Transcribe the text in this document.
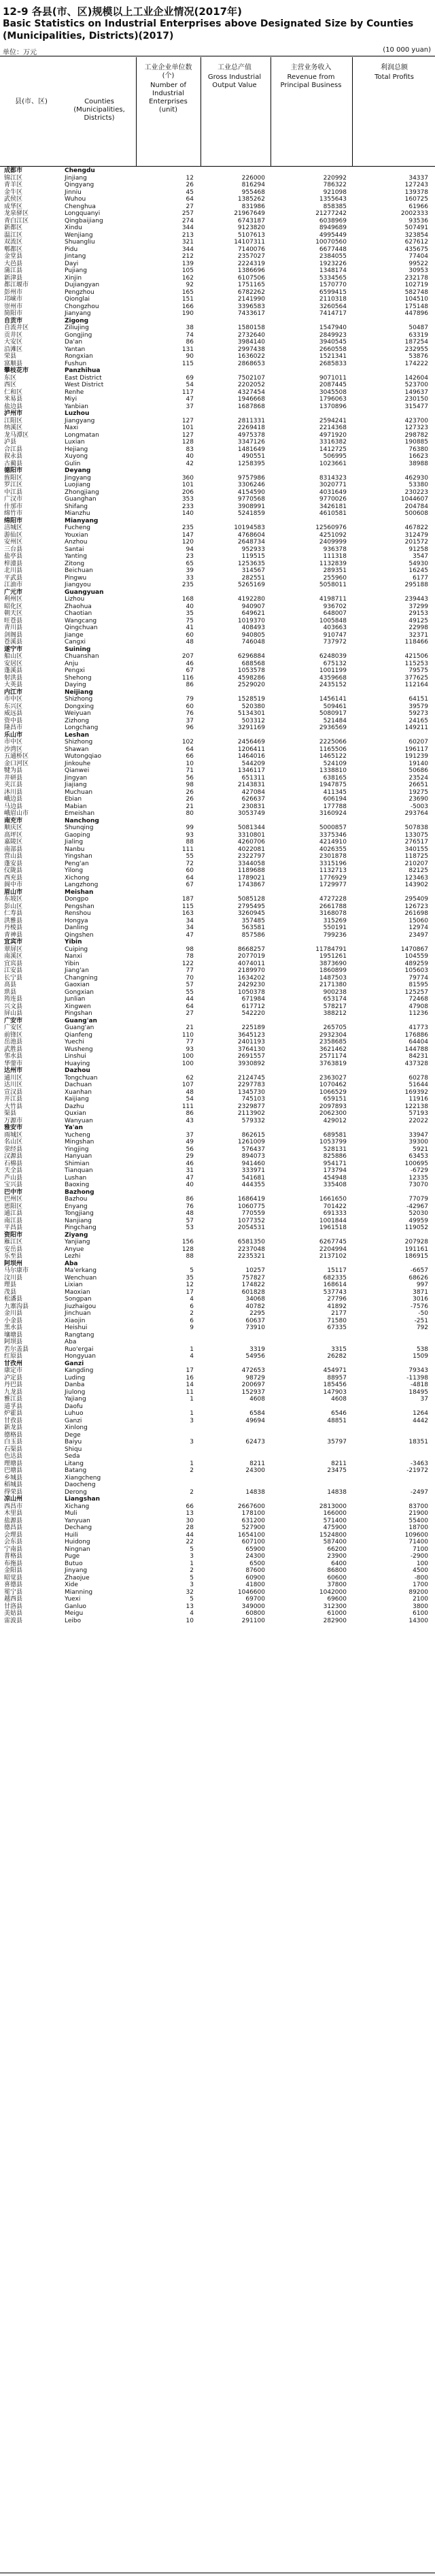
12-9 各县(市、区)规模以上工业企业情况(2017年)
Basic Statistics on Industrial Enterprises above Designated Size by Counties (Municipalities, Districts)(2017)
单位：万元	(10 000 yuan)
县(市、区)	Counties (Municipalities, Districts)
工业企业单位数(个)
Number of Industrial Enterprises (unit)
工业总产值
Gross Industrial Output Value
主营业务收入
Revenue from Principal Business
利润总额
Total Profits
成都市	Chengdu
锦江区	Jinjiang	12	226000	220992	34337
青羊区	Qingyang	26	816294	786322	127243
金牛区	Jinniu	45	955468	921098	139378
武侯区	Wuhou	64	1385262	1355643	160725
成华区	Chenghua	27	831986	858385	61966
龙泉驿区	Longquanyi	257	21967649	21277242	2002333
青白江区	Qingbaijiang	274	6743187	6038969	93536
新都区	Xindu	344	9123820	8949689	507491
温江区	Wenjiang	213	5107613	4995449	323854
双流区	Shuangliu	321	14107311	10070560	627612
郫都区	Pidu	344	7140076	6677448	435675
金堂县	Jintang	212	2357027	2384055	77404
大邑县	Dayi	139	2224319	1923226	99522
蒲江县	Pujiang	105	1386696	1348174	30953
新津县	Xinjin	162	6107506	5334565	232178
都江堰市	Dujiangyan	92	1751165	1570770	102719
彭州市	Pengzhou	165	6782262	6599415	582748
邛崃市	Qionglai	151	2141990	2110318	104510
崇州市	Chongzhou	166	3396583	3260564	175148
简阳市	Jianyang	190	7433617	7414717	447896
自贡市	Zigong
自流井区	Ziliujing	38	1580158	1547940	50487
贡井区	Gongjing	74	2732640	2849923	63319
大安区	Da'an	86	3984140	3940545	187254
沿滩区	Yantan	131	2997438	2660558	232955
荣县	Rongxian	90	1636022	1521341	53876
富顺县	Fushun	115	2868653	2685833	174222
攀枝花市	Panzhihua
东区	East District	69	7502107	9071011	142604
西区	West District	54	2202052	2087445	523700
仁和区	Renhe	117	4327454	3045508	149637
米易县	Miyi	47	1946668	1796063	230150
盐边县	Yanbian	37	1687868	1370896	315477
泸州市	Luzhou
江阳区	Jiangyang	127	2811331	2594241	423700
纳溪区	Naxi	101	2269418	2214368	127323
龙马潭区	Longmatan	127	4975378	4971920	298782
泸县	Luxian	128	3347126	3316382	190885
合江县	Hejiang	83	1481649	1412725	76380
叙永县	Xuyong	40	490551	506995	16623
古蔺县	Gulin	42	1258395	1023661	38988
德阳市	Deyang
旌阳区	Jingyang	360	9757986	8314323	462930
罗江区	Luojiang	101	3306246	3020771	53380
中江县	Zhongjiang	206	4154590	4031649	230223
广汉市	Guanghan	353	9770568	9770026	1044607
什邡市	Shifang	233	3908991	3426181	204784
绵竹市	Mianzhu	140	5241859	4610581	500608
绵阳市	Mianyang
涪城区	Fucheng	235	10194583	12560976	467822
游仙区	Youxian	147	4768604	4251092	312479
安州区	Anzhou	120	2648734	2409999	201572
三台县	Santai	94	952933	936378	91258
盐亭县	Yanting	23	119515	111318	3547
梓潼县	Zitong	65	1253635	1132839	54930
北川县	Beichuan	39	314567	289351	16245
平武县	Pingwu	33	282551	255960	6177
江油市	Jiangyou	235	5265169	5058011	295188
广元市	Guangyuan
利州区	Lizhou	168	4192280	4198711	239443
昭化区	Zhaohua	40	940907	936702	37299
朝天区	Chaotian	35	649621	648007	29153
旺苍县	Wangcang	75	1019370	1005848	49125
青川县	Qingchuan	41	408493	403663	22998
剑阁县	Jiange	60	940805	910747	32371
苍溪县	Cangxi	48	746048	737972	118466
遂宁市	Suining
船山区	Chuanshan	207	6296884	6248039	421506
安居区	Anju	46	688568	675132	115253
蓬溪县	Pengxi	67	1053578	1001199	79575
射洪县	Shehong	116	4598286	4359668	377625
大英县	Daying	86	2529020	2435152	112164
内江市	Neijiang
市中区	Shizhong	79	1528519	1456141	64151
东兴区	Dongxing	60	520380	509461	39579
威远县	Weiyuan	76	5134301	5080917	59273
资中县	Zizhong	37	503312	521484	24165
隆昌市	Longchang	96	3291169	2936569	149211
乐山市	Leshan
市中区	Shizhong	102	2456469	2225066	60207
沙湾区	Shawan	64	1206411	1165506	196117
五通桥区	Wutongqiao	66	1464016	1465122	191239
金口河区	Jinkouhe	10	544209	524109	19140
犍为县	Qianwei	71	1346117	1338810	50686
井研县	Jingyan	56	651311	638165	23524
夹江县	Jiajiang	98	2143831	1947875	26651
沐川县	Muchuan	26	427084	411345	19275
峨边县	Ebian	26	626637	606194	23690
马边县	Mabian	21	230831	177788	-5003
峨眉山市	Emeishan	80	3053749	3160924	293764
南充市	Nanchong
顺庆区	Shunqing	99	5081344	5000857	507838
高坪区	Gaoping	93	3310801	3375346	133075
嘉陵区	Jialing	88	4260706	4214910	276517
南部县	Nanbu	111	4022081	4026355	340155
营山县	Yingshan	55	2322797	2301878	118725
蓬安县	Peng'an	72	3344058	3315196	210207
仪陇县	Yilong	60	1189688	1132713	82125
西充县	Xichong	64	1789021	1776929	123463
阆中市	Langzhong	67	1743867	1729977	143902
眉山市	Meishan
东坡区	Dongpo	187	5085128	4727228	295409
彭山区	Pengshan	115	2795495	2661788	126723
仁寿县	Renshou	163	3260945	3168078	261698
洪雅县	Hongya	34	357485	315269	15060
丹棱县	Danling	34	563581	550191	12974
青神县	Qingshen	47	857586	799236	23497
宜宾市	Yibin
翠屏区	Cuiping	98	8668257	11784791	1470867
南溪区	Nanxi	78	2077019	1951261	104559
宜宾县	Yibin	122	4074011	3873690	489259
江安县	Jiang'an	77	2189970	1860899	105603
长宁县	Changning	70	1634202	1487503	79774
高县	Gaoxian	57	2429230	2171380	81595
珙县	Gongxian	55	1050378	900238	125257
筠连县	Junlian	44	671984	653174	72468
兴文县	Xingwen	64	617712	578217	47908
屏山县	Pingshan	27	542220	388212	11236
广安市	Guang'an
广安区	Guang'an	21	225189	265705	41773
前锋区	Qianfeng	110	3645123	2932304	176886
岳池县	Yuechi	77	2401193	2358685	64404
武胜县	Wusheng	93	3764130	3621462	144788
邻水县	Linshui	100	2691557	2571174	84231
华蓥市	Huaying	100	3930892	3763819	437328
达州市	Dazhou
通川区	Tongchuan	62	2124745	2363027	60278
达川区	Dachuan	107	2297783	1070462	51644
宣汉县	Xuanhan	48	1345730	1066529	169392
开江县	Kaijiang	54	745103	659151	11916
大竹县	Dazhu	111	2329877	2097893	122138
渠县	Quxian	86	2113902	2062300	57193
万源市	Wanyuan	43	579332	429012	22022
雅安市	Ya'an
雨城区	Yucheng	37	862615	689581	33947
名山区	Mingshan	49	1261009	1053799	39300
荥经县	Yingjing	56	576437	528131	5921
汉源县	Hanyuan	29	894073	825886	63453
石棉县	Shimian	46	941460	954171	100695
天全县	Tianquan	31	333971	173794	-6729
芦山县	Lushan	47	541681	454948	12335
宝兴县	Baoxing	40	444355	335408	73070
巴中市	Bazhong
巴州区	Bazhou	86	1686419	1661650	77079
恩阳区	Enyang	76	1060775	701422	-42967
通江县	Tongjiang	48	770559	691333	52030
南江县	Nanjiang	57	1077352	1001844	49959
平昌县	Pingchang	53	2054531	1961518	119052
资阳市	Ziyang
雁江区	Yanjiang	156	6581350	6267745	207928
安岳县	Anyue	128	2237048	2204994	191161
乐至县	Lezhi	88	2235321	2137102	186915
阿坝州	Aba
马尔康市	Ma'erkang	5	10257	15117	-6657
汶川县	Wenchuan	35	757827	682335	68626
理县	Lixian	12	174822	168614	997
茂县	Maoxian	17	601828	537743	3871
松潘县	Songpan	4	34068	27796	3016
九寨沟县	Jiuzhaigou	6	40782	41892	-7576
金川县	Jinchuan	2	2295	2177	-50
小金县	Xiaojin	6	60637	71580	-251
黑水县	Heishui	9	73910	67335	792
壤塘县	Rangtang
阿坝县	Aba
若尔盖县	Ruo'ergai	1	3319	3315	538
红原县	Hongyuan	4	54956	26282	1509
甘孜州	Ganzi
康定市	Kangding	17	472653	454971	79343
泸定县	Luding	16	98729	88957	-11398
丹巴县	Danba	14	200697	185456	-4818
九龙县	Jiulong	11	152937	147903	18495
雅江县	Yajiang	1	4608	4608	37
道孚县	Daofu
炉霍县	Luhuo	1	6584	6546	1264
甘孜县	Ganzi	3	49694	48851	4442
新龙县	Xinlong
德格县	Dege
白玉县	Baiyu	3	62473	35797	18351
石渠县	Shiqu
色达县	Seda
理塘县	Litang	1	8211	8211	-3463
巴塘县	Batang	2	24300	23475	-21972
乡城县	Xiangcheng
稻城县	Daocheng
得荣县	Derong	2	14838	14838	-2497
凉山州	Liangshan
西昌市	Xichang	66	2667600	2813000	83700
木里县	Muli	13	178100	166000	21900
盐源县	Yanyuan	30	631200	571400	55400
德昌县	Dechang	28	527900	475900	18700
会理县	Huili	44	1654100	1524800	109600
会东县	Huidong	22	607100	587400	71400
宁南县	Ningnan	5	65900	66200	7100
普格县	Puge	3	24300	23900	-2900
布拖县	Butuo	1	6500	6400	100
金阳县	Jinyang	2	87600	86800	4500
昭觉县	Zhaojue	5	60900	60600	-800
喜德县	Xide	3	41800	37800	1700
冕宁县	Mianning	32	1046600	1042000	89200
越西县	Yuexi	5	69700	69600	2100
甘洛县	Ganluo	13	349000	312300	3800
美姑县	Meigu	4	60800	61000	6100
雷波县	Leibo	10	291100	282900	14300
